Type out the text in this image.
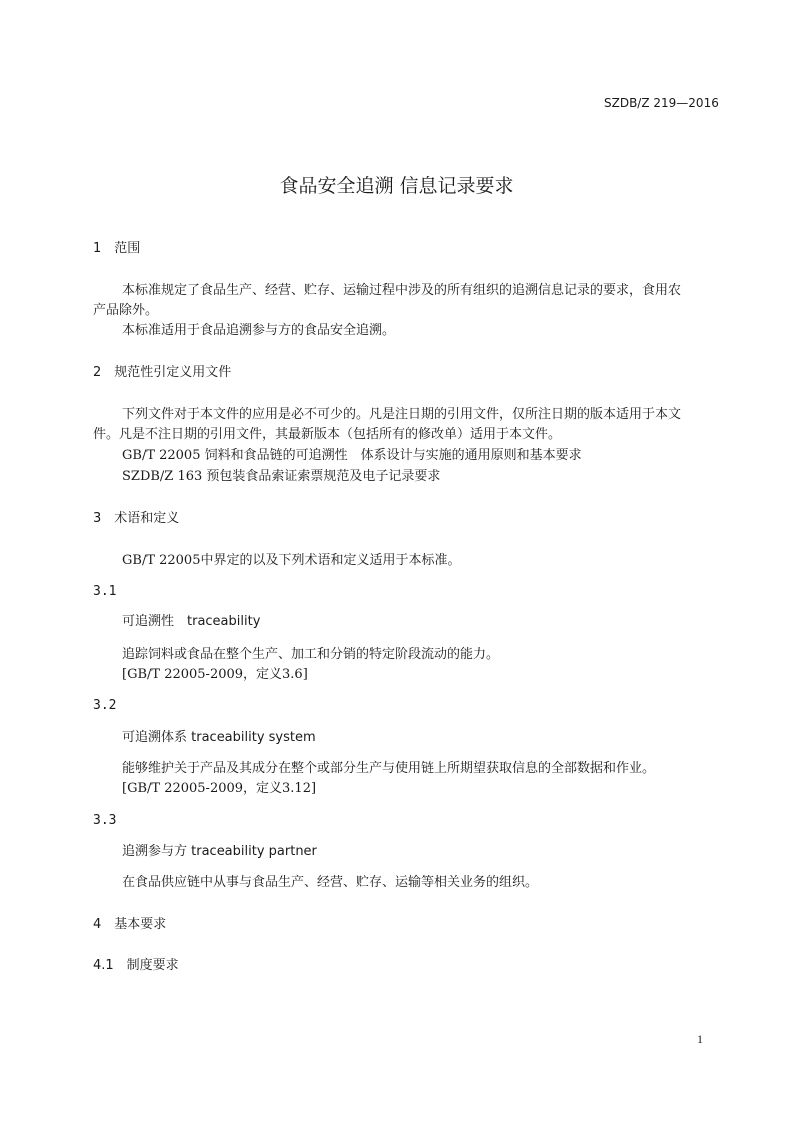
SZDB/Z 219—2016
食品安全追溯 信息记录要求
1　范围
本标准规定了食品生产、经营、贮存、运输过程中涉及的所有组织的追溯信息记录的要求，食用农
产品除外。
本标准适用于食品追溯参与方的食品安全追溯。
2　规范性引定义用文件
下列文件对于本文件的应用是必不可少的。凡是注日期的引用文件，仅所注日期的版本适用于本文
件。凡是不注日期的引用文件，其最新版本（包括所有的修改单）适用于本文件。
GB/T 22005 饲料和食品链的可追溯性　体系设计与实施的通用原则和基本要求
SZDB/Z 163 预包装食品索证索票规范及电子记录要求
3　术语和定义
GB/T 22005中界定的以及下列术语和定义适用于本标准。
3.1
可追溯性　traceability
追踪饲料或食品在整个生产、加工和分销的特定阶段流动的能力。
[GB/T 22005-2009，定义3.6]
3.2
可追溯体系 traceability system
能够维护关于产品及其成分在整个或部分生产与使用链上所期望获取信息的全部数据和作业。
[GB/T 22005-2009，定义3.12]
3.3
追溯参与方 traceability partner
在食品供应链中从事与食品生产、经营、贮存、运输等相关业务的组织。
4　基本要求
4.1　制度要求
1
